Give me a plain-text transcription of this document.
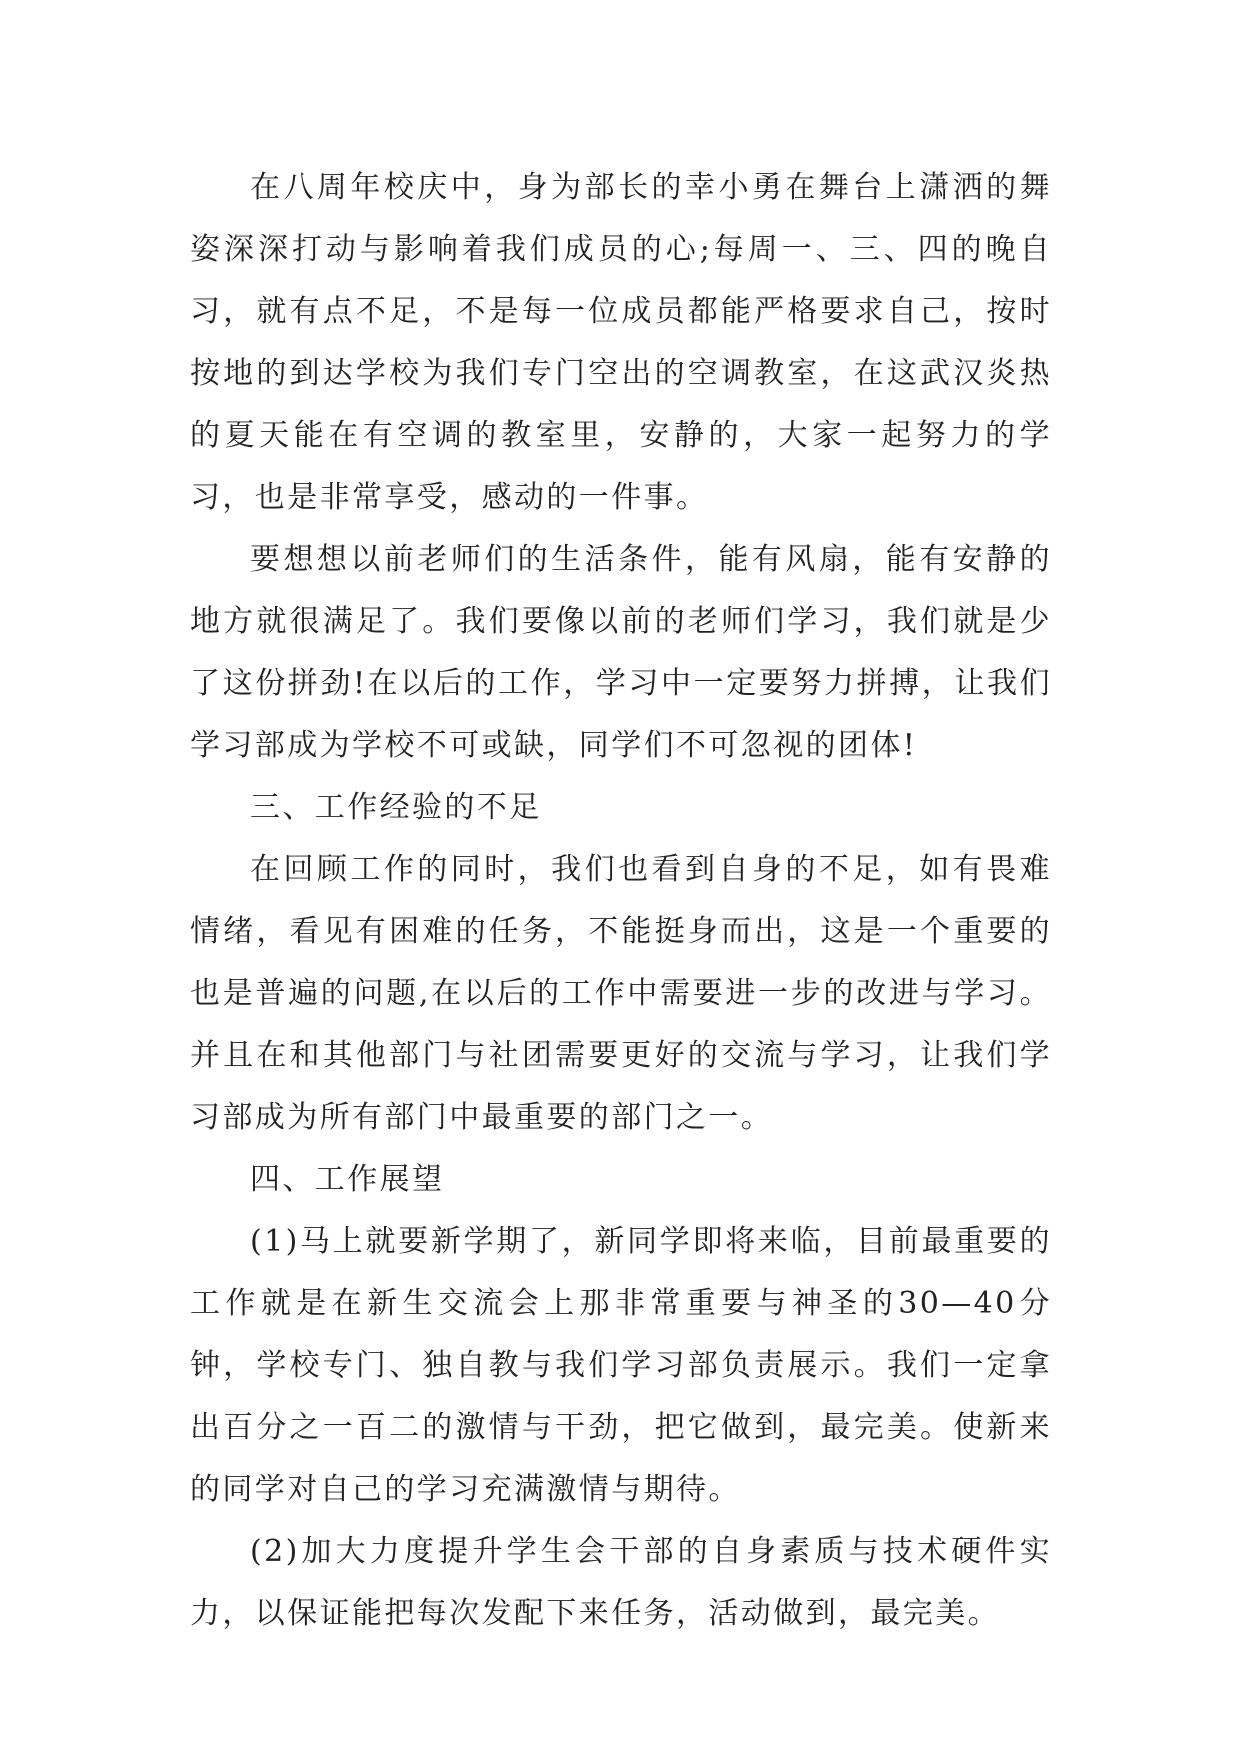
在八周年校庆中，身为部长的幸小勇在舞台上潇洒的舞姿深深打动与影响着我们成员的心;每周一、三、四的晚自习，就有点不足，不是每一位成员都能严格要求自己，按时按地的到达学校为我们专门空出的空调教室，在这武汉炎热的夏天能在有空调的教室里，安静的，大家一起努力的学习，也是非常享受，感动的一件事。

要想想以前老师们的生活条件，能有风扇，能有安静的地方就很满足了。我们要像以前的老师们学习，我们就是少了这份拼劲!在以后的工作，学习中一定要努力拼搏，让我们学习部成为学校不可或缺，同学们不可忽视的团体!

三、工作经验的不足

在回顾工作的同时，我们也看到自身的不足，如有畏难情绪，看见有困难的任务，不能挺身而出，这是一个重要的也是普遍的问题,在以后的工作中需要进一步的改进与学习。并且在和其他部门与社团需要更好的交流与学习，让我们学习部成为所有部门中最重要的部门之一。

四、工作展望

(1)马上就要新学期了，新同学即将来临，目前最重要的工作就是在新生交流会上那非常重要与神圣的30—40分钟，学校专门、独自教与我们学习部负责展示。我们一定拿出百分之一百二的激情与干劲，把它做到，最完美。使新来的同学对自己的学习充满激情与期待。

(2)加大力度提升学生会干部的自身素质与技术硬件实力，以保证能把每次发配下来任务，活动做到，最完美。
